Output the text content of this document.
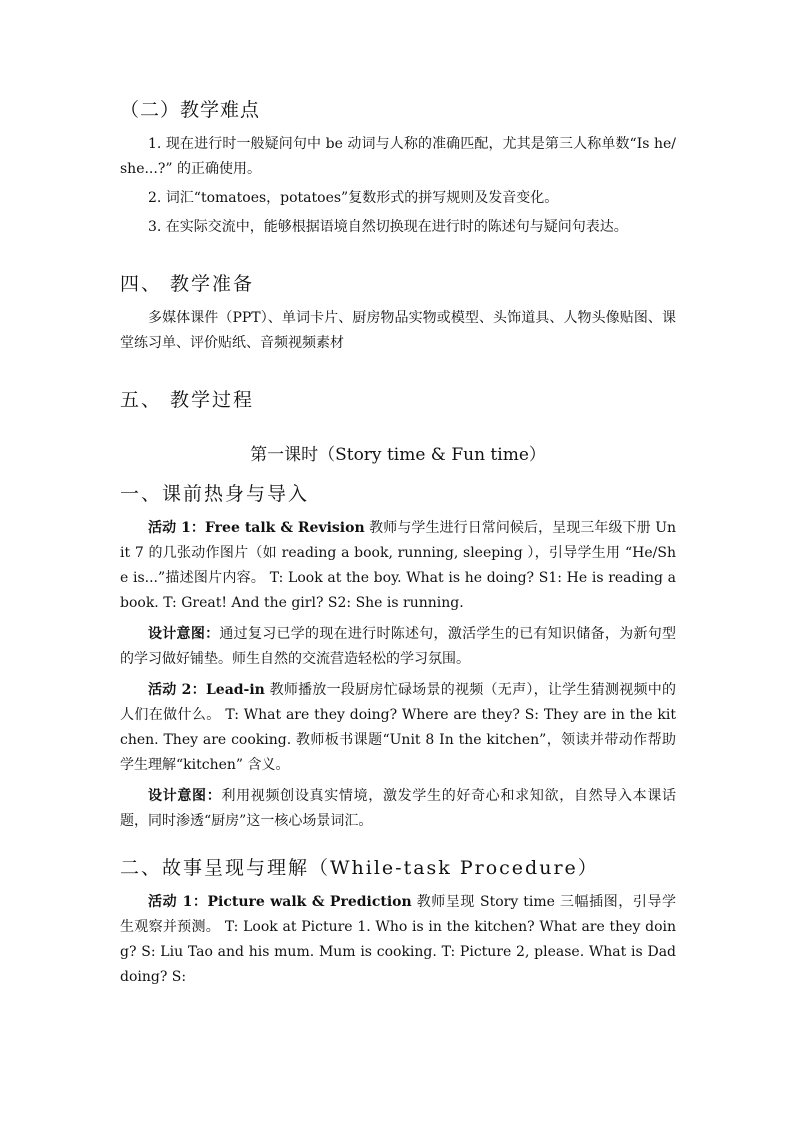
（二）教学难点

1. 现在进行时一般疑问句中 be 动词与人称的准确匹配，尤其是第三人称单数“Is he/she...?” 的正确使用。

2. 词汇“tomatoes，potatoes”复数形式的拼写规则及发音变化。

3. 在实际交流中，能够根据语境自然切换现在进行时的陈述句与疑问句表达。

四、 教学准备

多媒体课件（PPT）、单词卡片、厨房物品实物或模型、头饰道具、人物头像贴图、课堂练习单、评价贴纸、音频视频素材

五、 教学过程
第一课时（Story time & Fun time）
一、课前热身与导入

活动 1：Free talk & Revision 教师与学生进行日常问候后，呈现三年级下册 Unit 7 的几张动作图片（如 reading a book, running, sleeping ），引导学生用 “He/She is...”描述图片内容。 T: Look at the boy. What is he doing? S1: He is reading a book. T: Great! And the girl? S2: She is running.

设计意图：通过复习已学的现在进行时陈述句，激活学生的已有知识储备，为新句型的学习做好铺垫。师生自然的交流营造轻松的学习氛围。

活动 2：Lead-in 教师播放一段厨房忙碌场景的视频（无声），让学生猜测视频中的人们在做什么。 T: What are they doing? Where are they? S: They are in the kitchen. They are cooking. 教师板书课题“Unit 8 In the kitchen”，领读并带动作帮助学生理解“kitchen” 含义。

设计意图：利用视频创设真实情境，激发学生的好奇心和求知欲，自然导入本课话题，同时渗透“厨房”这一核心场景词汇。

二、故事呈现与理解（While-task Procedure）

活动 1：Picture walk & Prediction 教师呈现 Story time 三幅插图，引导学生观察并预测。 T: Look at Picture 1. Who is in the kitchen? What are they doing? S: Liu Tao and his mum. Mum is cooking. T: Picture 2, please. What is Dad doing? S:
